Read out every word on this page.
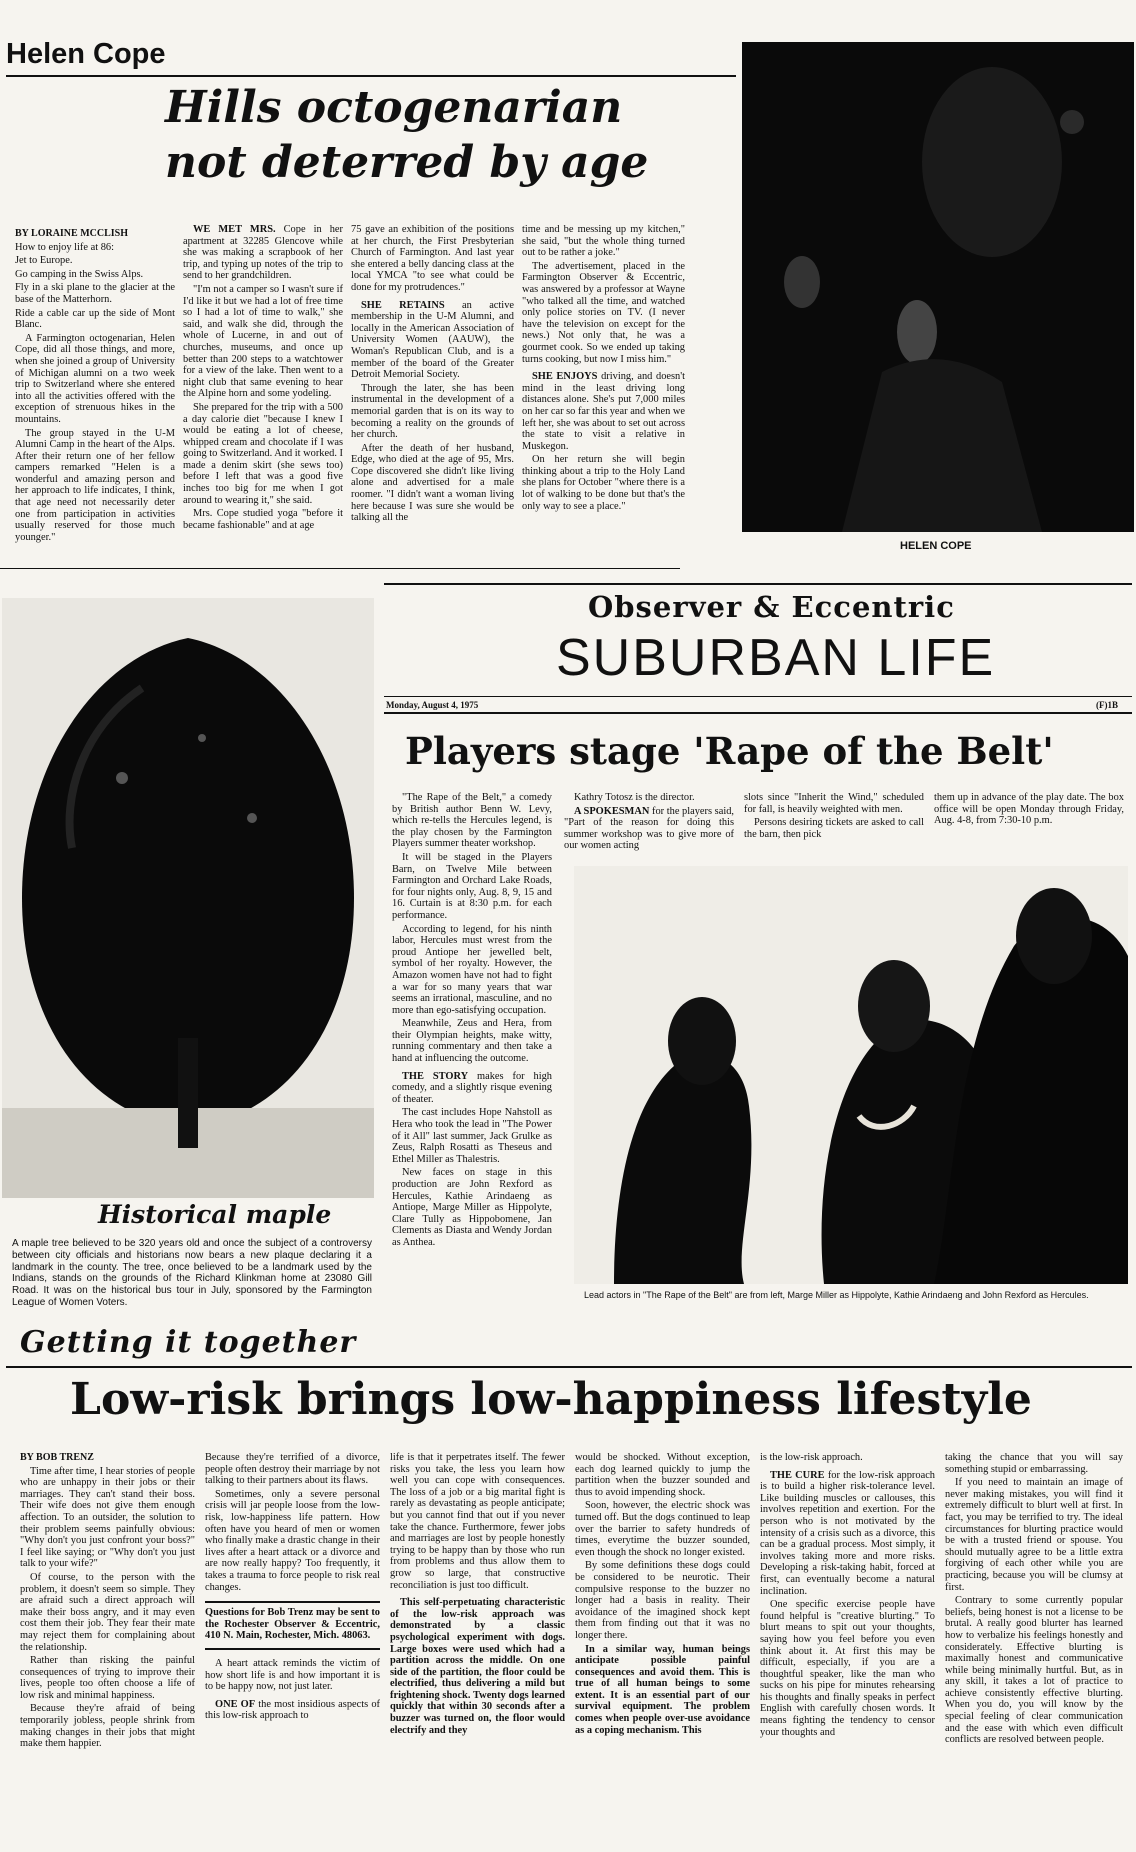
Helen Cope
Hills octogenarian
not deterred by age

BY LORAINE MCCLISH

How to enjoy life at 86:

Jet to Europe.

Go camping in the Swiss Alps.

Fly in a ski plane to the glacier at the base of the Matterhorn.

Ride a cable car up the side of Mont Blanc.

A Farmington octogenarian, Helen Cope, did all those things, and more, when she joined a group of University of Michigan alumni on a two week trip to Switzerland where she entered into all the activities offered with the exception of strenuous hikes in the mountains.

The group stayed in the U-M Alumni Camp in the heart of the Alps. After their return one of her fellow campers remarked "Helen is a wonderful and amazing person and her approach to life indicates, I think, that age need not necessarily deter one from participation in activities usually reserved for those much younger."

WE MET MRS. Cope in her apartment at 32285 Glencove while she was making a scrapbook of her trip, and typing up notes of the trip to send to her grandchildren.

"I'm not a camper so I wasn't sure if I'd like it but we had a lot of free time so I had a lot of time to walk," she said, and walk she did, through the whole of Lucerne, in and out of churches, museums, and once up better than 200 steps to a watchtower for a view of the lake. Then went to a night club that same evening to hear the Alpine horn and some yodeling.

She prepared for the trip with a 500 a day calorie diet "because I knew I would be eating a lot of cheese, whipped cream and chocolate if I was going to Switzerland. And it worked. I made a denim skirt (she sews too) before I left that was a good five inches too big for me when I got around to wearing it," she said.

Mrs. Cope studied yoga "before it became fashionable" and at age

75 gave an exhibition of the positions at her church, the First Presbyterian Church of Farmington. And last year she entered a belly dancing class at the local YMCA "to see what could be done for my protrudences."

SHE RETAINS an active membership in the U-M Alumni, and locally in the American Association of University Women (AAUW), the Woman's Republican Club, and is a member of the board of the Greater Detroit Memorial Society.

Through the later, she has been instrumental in the development of a memorial garden that is on its way to becoming a reality on the grounds of her church.

After the death of her husband, Edge, who died at the age of 95, Mrs. Cope discovered she didn't like living alone and advertised for a male roomer. "I didn't want a woman living here because I was sure she would be talking all the

time and be messing up my kitchen," she said, "but the whole thing turned out to be rather a joke."

The advertisement, placed in the Farmington Observer & Eccentric, was answered by a professor at Wayne "who talked all the time, and watched only police stories on TV. (I never have the television on except for the news.) Not only that, he was a gourmet cook. So we ended up taking turns cooking, but now I miss him."

SHE ENJOYS driving, and doesn't mind in the least driving long distances alone. She's put 7,000 miles on her car so far this year and when we left her, she was about to set out across the state to visit a relative in Muskegon.

On her return she will begin thinking about a trip to the Holy Land she plans for October "where there is a lot of walking to be done but that's the only way to see a place."

HELEN COPE
Observer & Eccentric
SUBURBAN LIFE
Monday, August 4, 1975	(F)1B
Historical maple
A maple tree believed to be 320 years old and once the subject of a controversy between city officials and historians now bears a new plaque declaring it a landmark in the county. The tree, once believed to be a landmark used by the Indians, stands on the grounds of the Richard Klinkman home at 23080 Gill Road. It was on the historical bus tour in July, sponsored by the Farmington League of Women Voters.
Players stage 'Rape of the Belt'

"The Rape of the Belt," a comedy by British author Benn W. Levy, which re-tells the Hercules legend, is the play chosen by the Farmington Players summer theater workshop.

It will be staged in the Players Barn, on Twelve Mile between Farmington and Orchard Lake Roads, for four nights only, Aug. 8, 9, 15 and 16. Curtain is at 8:30 p.m. for each performance.

According to legend, for his ninth labor, Hercules must wrest from the proud Antiope her jewelled belt, symbol of her royalty. However, the Amazon women have not had to fight a war for so many years that war seems an irrational, masculine, and no more than ego-satisfying occupation.

Meanwhile, Zeus and Hera, from their Olympian heights, make witty, running commentary and then take a hand at influencing the outcome.

THE STORY makes for high comedy, and a slightly risque evening of theater.

The cast includes Hope Nahstoll as Hera who took the lead in "The Power of it All" last summer, Jack Grulke as Zeus, Ralph Rosatti as Theseus and Ethel Miller as Thalestris.

New faces on stage in this production are John Rexford as Hercules, Kathie Arindaeng as Antiope, Marge Miller as Hippolyte, Clare Tully as Hippobomene, Jan Clements as Diasta and Wendy Jordan as Anthea.

Kathry Totosz is the director.

A SPOKESMAN for the players said, "Part of the reason for doing this summer workshop was to give more of our women acting

slots since "Inherit the Wind," scheduled for fall, is heavily weighted with men.

Persons desiring tickets are asked to call the barn, then pick

them up in advance of the play date. The box office will be open Monday through Friday, Aug. 4-8, from 7:30-10 p.m.

Lead actors in "The Rape of the Belt" are from left, Marge Miller as Hippolyte, Kathie Arindaeng and John Rexford as Hercules.
Getting it together
Low-risk brings low-happiness lifestyle

BY BOB TRENZ

Time after time, I hear stories of people who are unhappy in their jobs or their marriages. They can't stand their boss. Their wife does not give them enough affection. To an outsider, the solution to their problem seems painfully obvious: "Why don't you just confront your boss?" I feel like saying; or "Why don't you just talk to your wife?"

Of course, to the person with the problem, it doesn't seem so simple. They are afraid such a direct approach will make their boss angry, and it may even cost them their job. They fear their mate may reject them for complaining about the relationship.

Rather than risking the painful consequences of trying to improve their lives, people too often choose a life of low risk and minimal happiness.

Because they're afraid of being temporarily jobless, people shrink from making changes in their jobs that might make them happier.

Because they're terrified of a divorce, people often destroy their marriage by not talking to their partners about its flaws.

Sometimes, only a severe personal crisis will jar people loose from the low-risk, low-happiness life pattern. How often have you heard of men or women who finally make a drastic change in their lives after a heart attack or a divorce and are now really happy? Too frequently, it takes a trauma to force people to risk real changes.

Questions for Bob Trenz may be sent to the Rochester Observer & Eccentric, 410 N. Main, Rochester, Mich. 48063.

A heart attack reminds the victim of how short life is and how important it is to be happy now, not just later.

ONE OF the most insidious aspects of this low-risk approach to

life is that it perpetrates itself. The fewer risks you take, the less you learn how well you can cope with consequences. The loss of a job or a big marital fight is rarely as devastating as people anticipate; but you cannot find that out if you never take the chance. Furthermore, fewer jobs and marriages are lost by people honestly trying to be happy than by those who run from problems and thus allow them to grow so large, that constructive reconciliation is just too difficult.

This self-perpetuating characteristic of the low-risk approach was demonstrated by a classic psychological experiment with dogs. Large boxes were used which had a partition across the middle. On one side of the partition, the floor could be electrified, thus delivering a mild but frightening shock. Twenty dogs learned quickly that within 30 seconds after a buzzer was turned on, the floor would electrify and they

would be shocked. Without exception, each dog learned quickly to jump the partition when the buzzer sounded and thus to avoid impending shock.

Soon, however, the electric shock was turned off. But the dogs continued to leap over the barrier to safety hundreds of times, everytime the buzzer sounded, even though the shock no longer existed.

By some definitions these dogs could be considered to be neurotic. Their compulsive response to the buzzer no longer had a basis in reality. Their avoidance of the imagined shock kept them from finding out that it was no longer there.

In a similar way, human beings anticipate possible painful consequences and avoid them. This is true of all human beings to some extent. It is an essential part of our survival equipment. The problem comes when people over-use avoidance as a coping mechanism. This

is the low-risk approach.

THE CURE for the low-risk approach is to build a higher risk-tolerance level. Like building muscles or callouses, this involves repetition and exertion. For the person who is not motivated by the intensity of a crisis such as a divorce, this can be a gradual process. Most simply, it involves taking more and more risks. Developing a risk-taking habit, forced at first, can eventually become a natural inclination.

One specific exercise people have found helpful is "creative blurting." To blurt means to spit out your thoughts, saying how you feel before you even think about it. At first this may be difficult, especially, if you are a thoughtful speaker, like the man who sucks on his pipe for minutes rehearsing his thoughts and finally speaks in perfect English with carefully chosen words. It means fighting the tendency to censor your thoughts and

taking the chance that you will say something stupid or embarrassing.

If you need to maintain an image of never making mistakes, you will find it extremely difficult to blurt well at first. In fact, you may be terrified to try. The ideal circumstances for blurting practice would be with a trusted friend or spouse. You should mutually agree to be a little extra forgiving of each other while you are practicing, because you will be clumsy at first.

Contrary to some currently popular beliefs, being honest is not a license to be brutal. A really good blurter has learned how to verbalize his feelings honestly and considerately. Effective blurting is maximally honest and communicative while being minimally hurtful. But, as in any skill, it takes a lot of practice to achieve consistently effective blurting. When you do, you will know by the special feeling of clear communication and the ease with which even difficult conflicts are resolved between people.
